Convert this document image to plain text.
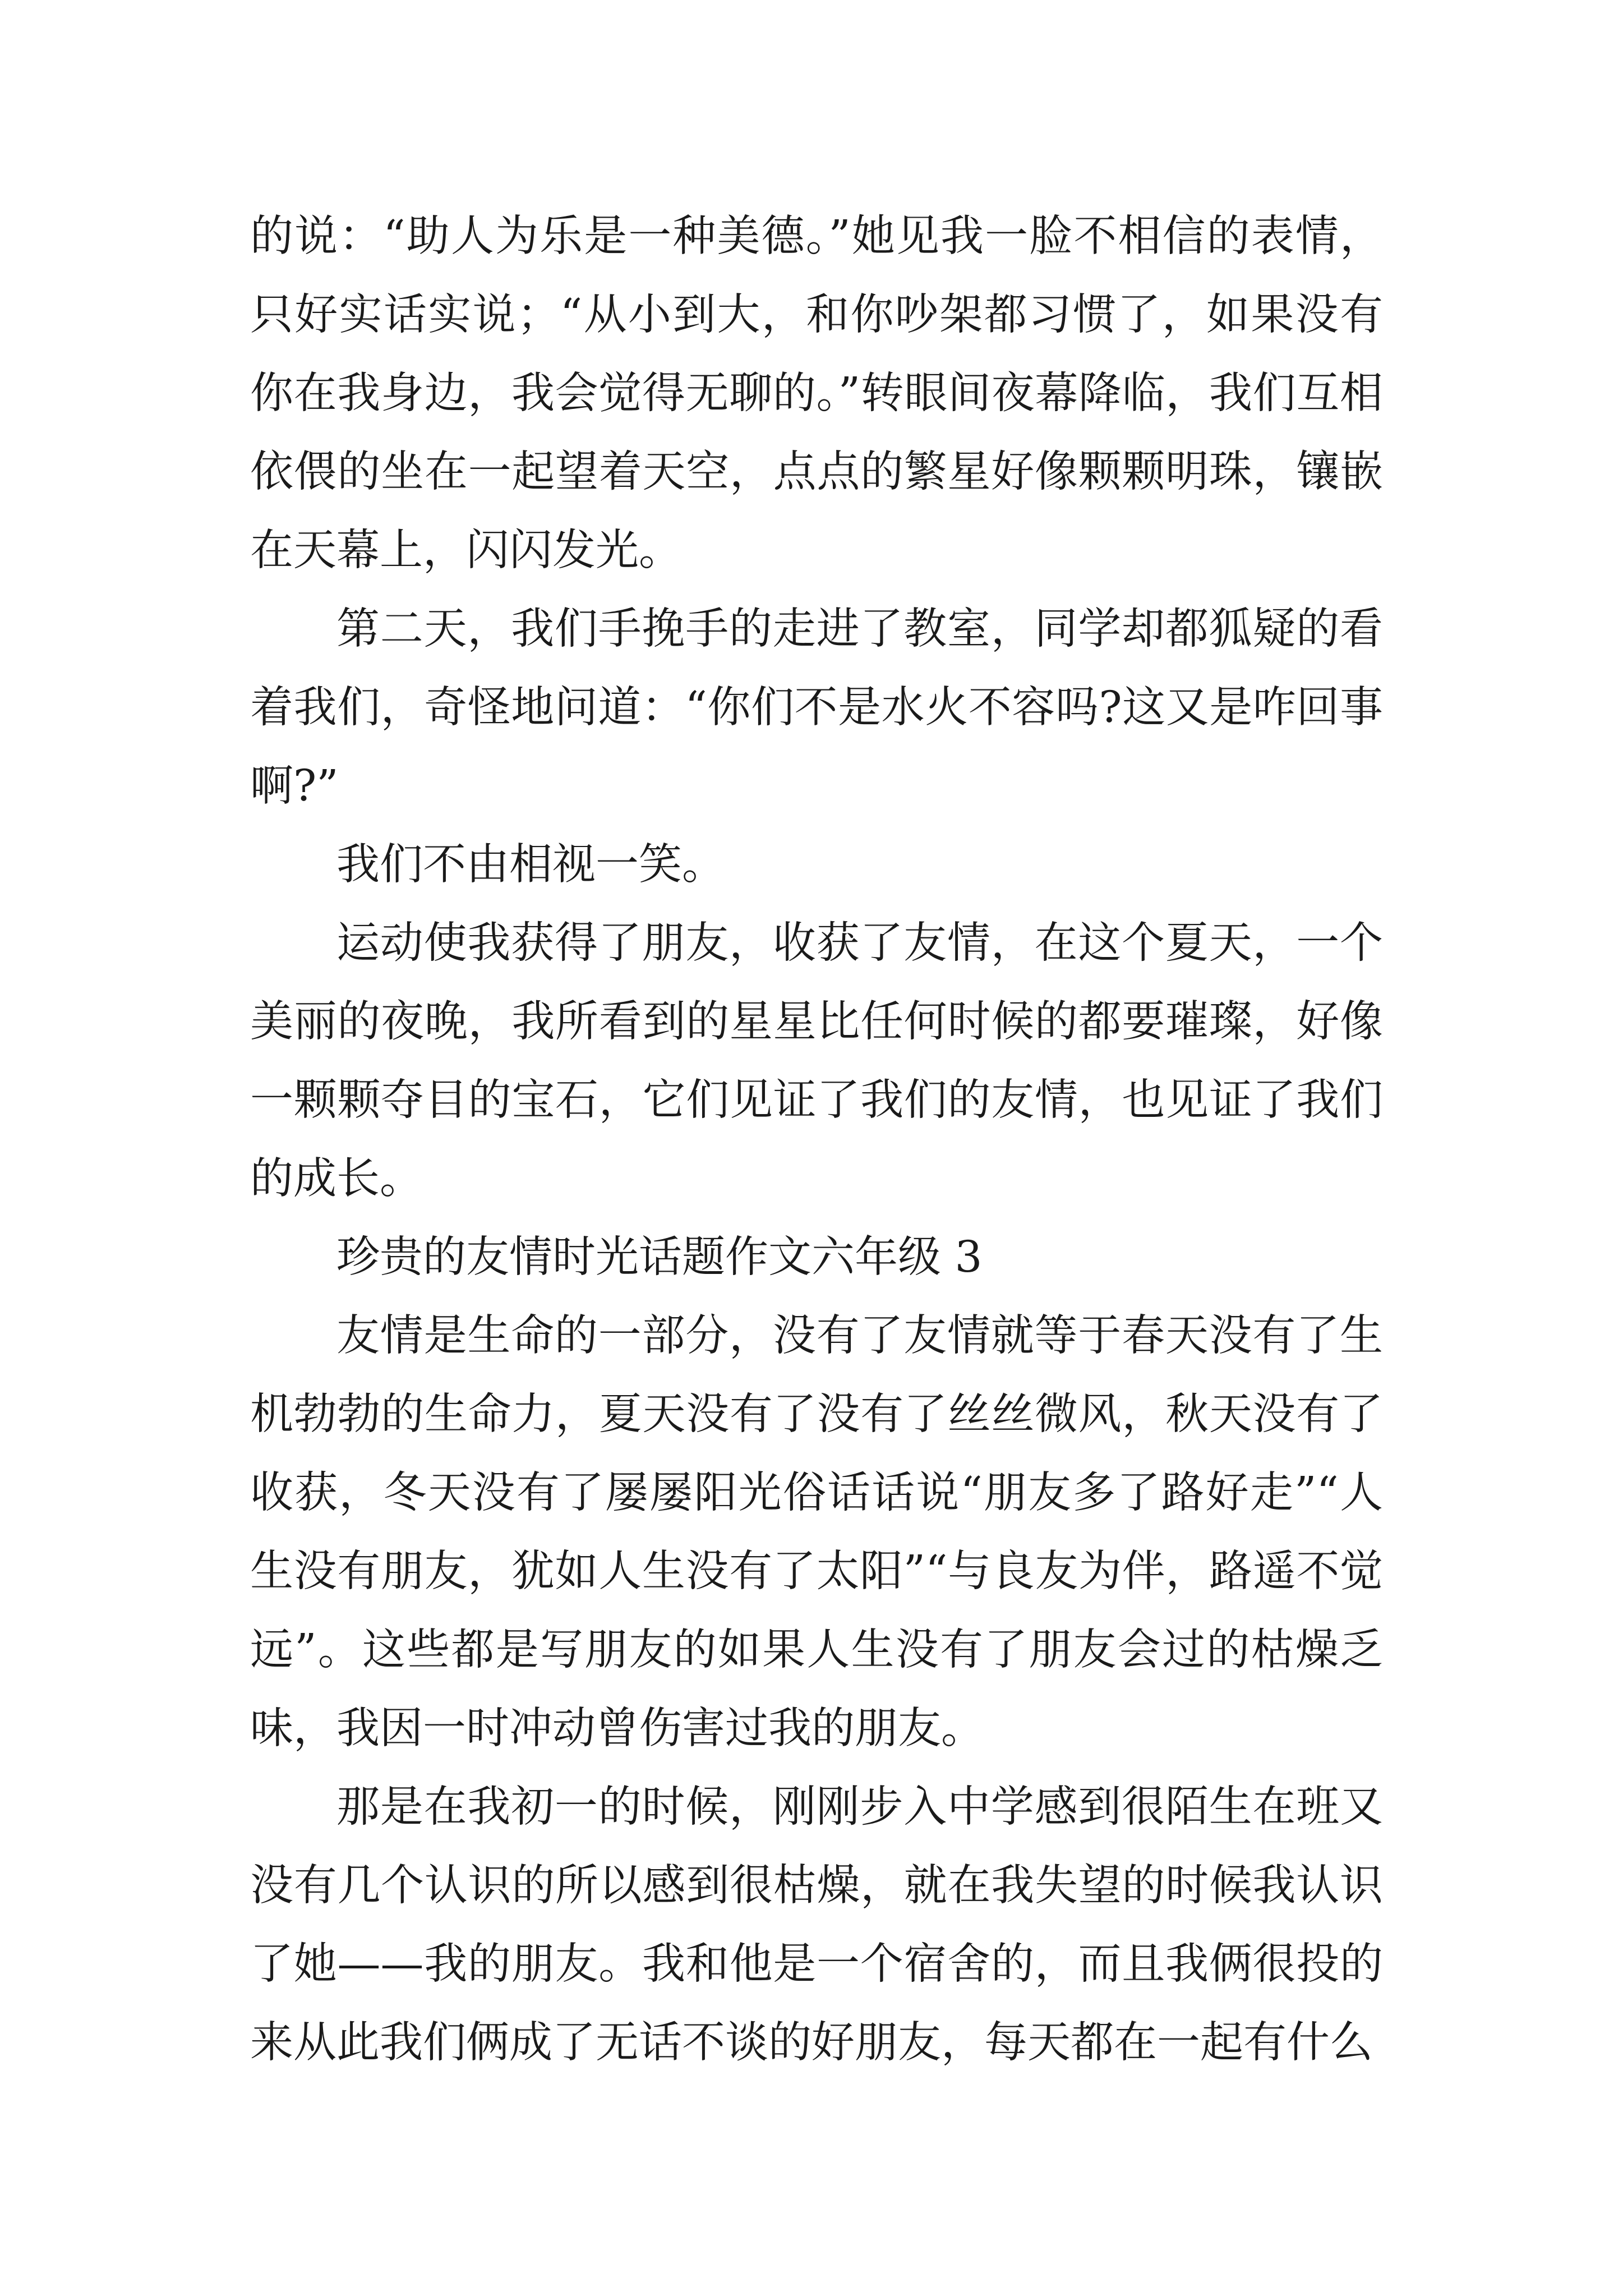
的说：“助人为乐是一种美德。”她见我一脸不相信的表情，只好实话实说；“从小到大，和你吵架都习惯了，如果没有你在我身边，我会觉得无聊的。”转眼间夜幕降临，我们互相依偎的坐在一起望着天空，点点的繁星好像颗颗明珠，镶嵌在天幕上，闪闪发光。

第二天，我们手挽手的走进了教室，同学却都狐疑的看着我们，奇怪地问道：“你们不是水火不容吗?这又是咋回事啊?”

我们不由相视一笑。

运动使我获得了朋友，收获了友情，在这个夏天，一个美丽的夜晚，我所看到的星星比任何时候的都要璀璨，好像一颗颗夺目的宝石，它们见证了我们的友情，也见证了我们的成长。

珍贵的友情时光话题作文六年级 3

友情是生命的一部分，没有了友情就等于春天没有了生机勃勃的生命力，夏天没有了没有了丝丝微风，秋天没有了收获，冬天没有了屡屡阳光俗话话说“朋友多了路好走”“人生没有朋友，犹如人生没有了太阳”“与良友为伴，路遥不觉远”。这些都是写朋友的如果人生没有了朋友会过的枯燥乏味，我因一时冲动曾伤害过我的朋友。

那是在我初一的时候，刚刚步入中学感到很陌生在班又没有几个认识的所以感到很枯燥，就在我失望的时候我认识了她——我的朋友。我和他是一个宿舍的，而且我俩很投的来从此我们俩成了无话不谈的好朋友，每天都在一起有什么
